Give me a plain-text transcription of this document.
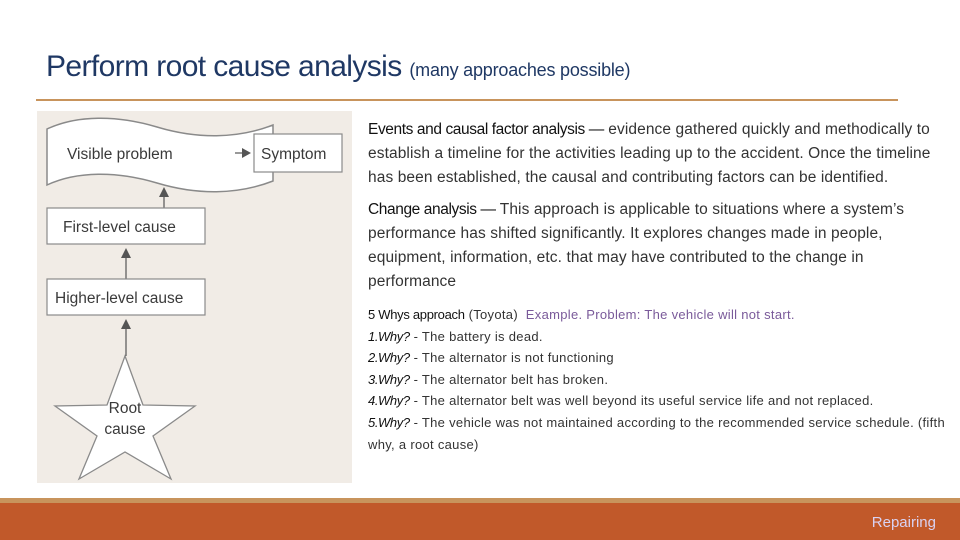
Perform root cause analysis (many approaches possible)
Visible problem	Symptom
First-level cause
Higher-level cause
Root
cause
Events and causal factor analysis — evidence gathered quickly and methodically to establish a timeline for the activities leading up to the accident. Once the timeline has been established, the causal and contributing factors can be identified.
Change analysis — This approach is applicable to situations where a system’s performance has shifted significantly. It explores changes made in people, equipment, information, etc. that may have contributed to the change in performance
5 Whys approach (Toyota) Example. Problem: The vehicle will not start.
1.Why? - The battery is dead.
2.Why? - The alternator is not functioning
3.Why? - The alternator belt has broken.
4.Why? - The alternator belt was well beyond its useful service life and not replaced.
5.Why? - The vehicle was not maintained according to the recommended service schedule. (fifth why, a root cause)
Repairing
